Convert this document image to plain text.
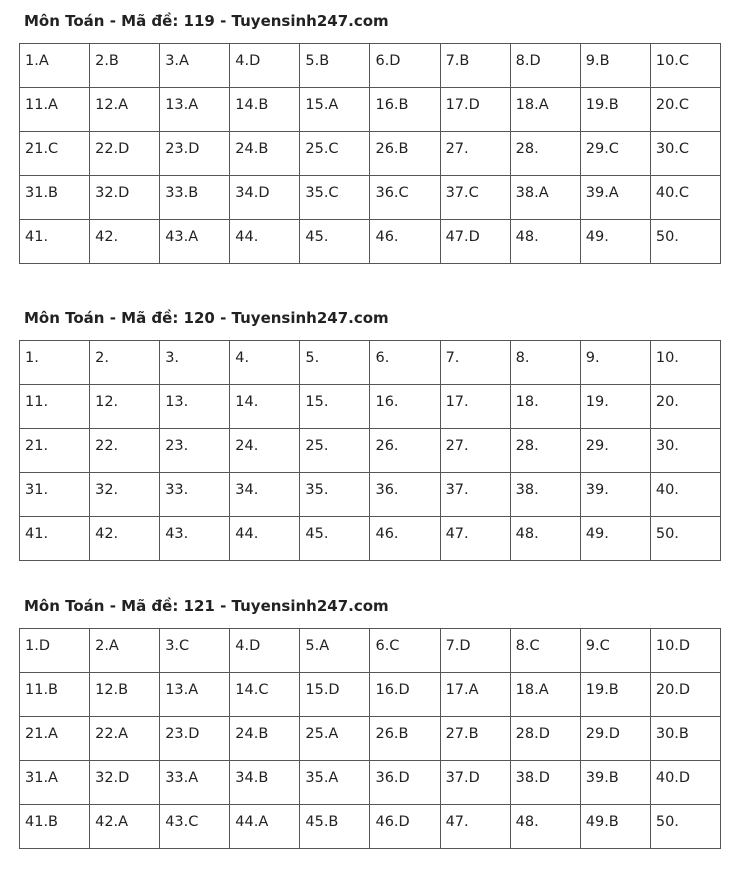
Môn Toán - Mã đề: 119 - Tuyensinh247.com
1.A	2.B	3.A	4.D	5.B	6.D	7.B	8.D	9.B	10.C

11.A	12.A	13.A	14.B	15.A	16.B	17.D	18.A	19.B	20.C

21.C	22.D	23.D	24.B	25.C	26.B	27.	28.	29.C	30.C

31.B	32.D	33.B	34.D	35.C	36.C	37.C	38.A	39.A	40.C

41.	42.	43.A	44.	45.	46.	47.D	48.	49.	50.
Môn Toán - Mã đề: 120 - Tuyensinh247.com
1.	2.	3.	4.	5.	6.	7.	8.	9.	10.

11.	12.	13.	14.	15.	16.	17.	18.	19.	20.

21.	22.	23.	24.	25.	26.	27.	28.	29.	30.

31.	32.	33.	34.	35.	36.	37.	38.	39.	40.

41.	42.	43.	44.	45.	46.	47.	48.	49.	50.
Môn Toán - Mã đề: 121 - Tuyensinh247.com
1.D	2.A	3.C	4.D	5.A	6.C	7.D	8.C	9.C	10.D

11.B	12.B	13.A	14.C	15.D	16.D	17.A	18.A	19.B	20.D

21.A	22.A	23.D	24.B	25.A	26.B	27.B	28.D	29.D	30.B

31.A	32.D	33.A	34.B	35.A	36.D	37.D	38.D	39.B	40.D

41.B	42.A	43.C	44.A	45.B	46.D	47.	48.	49.B	50.
